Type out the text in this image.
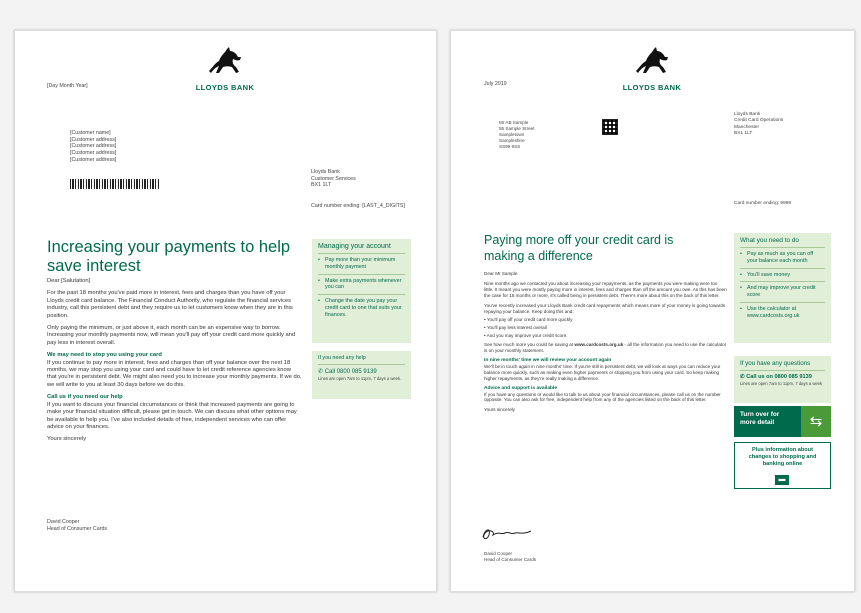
LLOYDS BANK
[Day Month Year]
[Customer name]
[Customer address]
[Customer address]
[Customer address]
[Customer address]
Lloyds Bank
Customer Services
BX1 1LT
Card number ending: [LAST_4_DIGITS]
Increasing your payments to help save interest
Dear [Salutation]
For the past 18 months you've paid more in interest, fees and charges than you have off your Lloyds credit card balance. The Financial Conduct Authority, who regulate the financial services industry, call this persistent debt and they require us to let customers know when they are in this position.
Only paying the minimum, or just above it, each month can be an expensive way to borrow. Increasing your monthly payments now, will mean you'll pay off your credit card more quickly and pay less in interest overall.
We may need to stop you using your card
If you continue to pay more in interest, fees and charges than off your balance over the next 18 months, we may stop you using your card and could have to let credit reference agencies know that you're in persistent debt. We might also need you to increase your monthly payments. If we do, we will write to you at least 30 days before we do this.
Call us if you need our help
If you want to discuss your financial circumstances or think that increased payments are going to make your financial situation difficult, please get in touch. We can discuss what other options may be available to help you. I've also included details of free, independent services who can offer advice on your finances.
Yours sincerely
David Cooper
Head of Consumer Cards
Managing your account
• Pay more than your minimum monthly payment
• Make extra payments whenever you can
• Change the date you pay your credit card to one that suits your finances.
If you need any help
✆ Call 0800 085 9139
Lines are open 7am to 11pm, 7 days a week.
LLOYDS BANK
July 2019
Mr AB Sample
55 Sample Street
Sampletown
Sampleshire
SS99 9SS
Lloyds Bank
Credit Card Operations
Manchester
BX1 1LT
Card number ending: 9999
Paying more off your credit card is making a difference
Dear Mr Sample
Nine months ago we contacted you about increasing your repayments, as the payments you were making were too little. It meant you were mostly paying more in interest, fees and charges than off the amount you owe. As this has been the case for 18 months or more, it's called being in persistent debt. There's more about this on the back of this letter.
You've recently increased your Lloyds Bank credit card repayments which means more of your money is going towards repaying your balance. Keep doing this and:
• You'll pay off your credit card more quickly
• You'll pay less interest overall
• And you may improve your credit score.
See how much more you could be saving at www.cardcosts.org.uk - all the information you need to use the calculator is on your monthly statement.
In nine months' time we will review your account again
We'll be in touch again in nine months' time. If you're still in persistent debt, we will look at ways you can reduce your balance more quickly, such as making even higher payments or stopping you from using your card. So keep making higher repayments, as they're really making a difference.
Advice and support is available
If you have any questions or would like to talk to us about your financial circumstances, please call us on the number opposite. You can also ask for free, independent help from any of the agencies listed on the back of this letter.
Yours sincerely
David Cooper
Head of Consumer Cards
What you need to do
• Pay as much as you can off your balance each month
• You'll save money
• And may improve your credit score
• Use the calculator at www.cardcosts.org.uk
If you have any questions
✆ Call us on 0800 085 9139
Lines are open 7am to 11pm, 7 days a week
Turn over for more detail	⇆
Plus information about changes to shopping and banking online
▬
